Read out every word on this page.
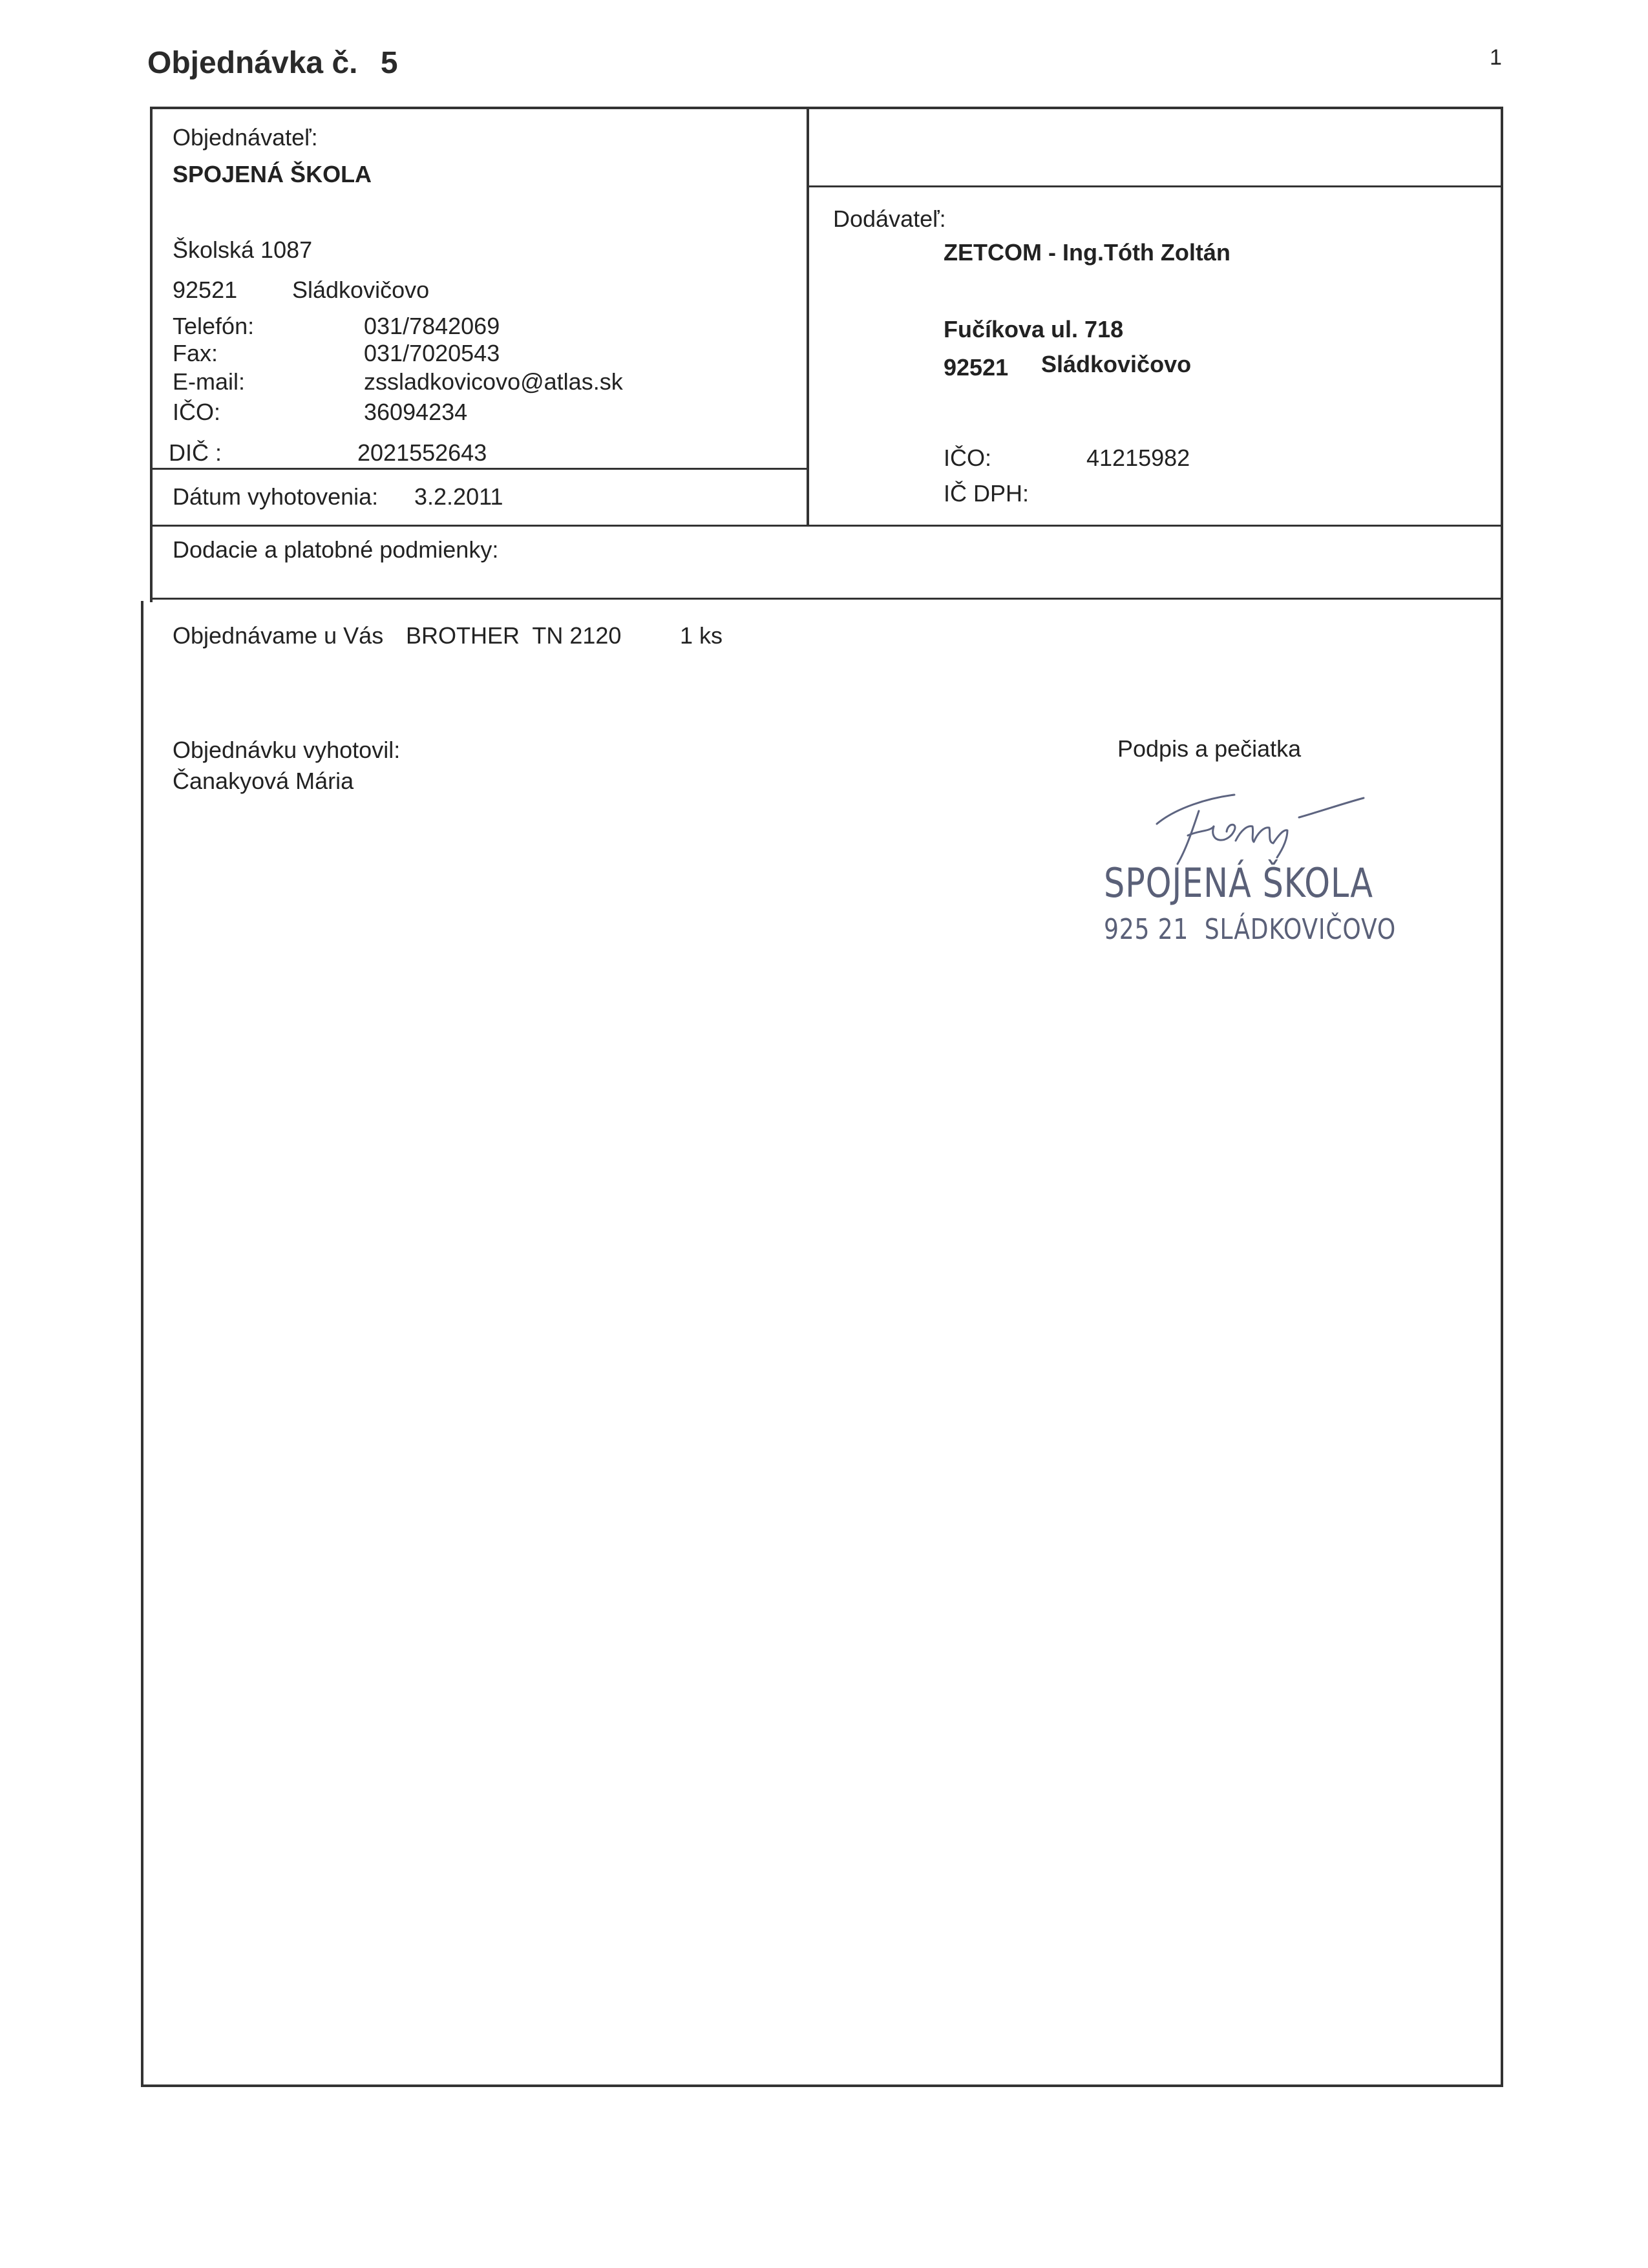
Objednávka č. 5	1
Objednávateľ:
SPOJENÁ ŠKOLA
Školská 1087
92521 Sládkovičovo
Telefón:	031/7842069
Fax:	031/7020543
E-mail:	zssladkovicovo@atlas.sk
IČO:	36094234
DIČ :	2021552643
Dátum vyhotovenia: 3.2.2011
Dodávateľ:
ZETCOM - Ing.Tóth Zoltán
Fučíkova ul. 718
92521 Sládkovičovo
IČO:	41215982
IČ DPH:
Dodacie a platobné podmienky:
Objednávame u Vás BROTHER  TN 2120	1 ks
Objednávku vyhotovil:
Čanakyová Mária
Podpis a pečiatka
SPOJENÁ ŠKOLA
925 21  SLÁDKOVIČOVO
